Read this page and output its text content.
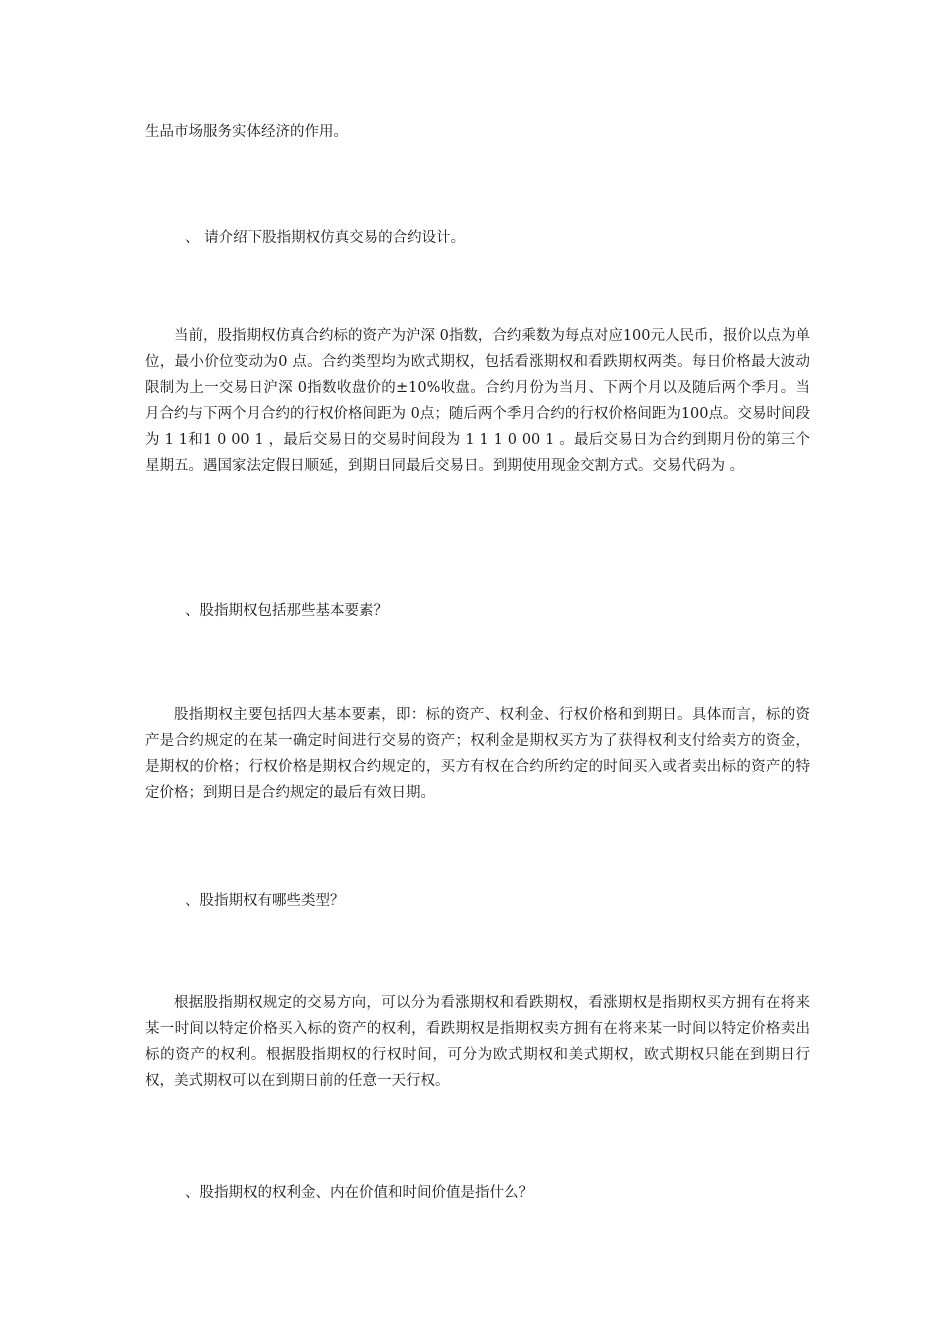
生品市场服务实体经济的作用。
、 请介绍下股指期权仿真交易的合约设计。
当前，股指期权仿真合约标的资产为沪深 0指数，合约乘数为每点对应100元人民币，报价以点为单位，最小价位变动为0 点。合约类型均为欧式期权，包括看涨期权和看跌期权两类。每日价格最大波动限制为上一交易日沪深 0指数收盘价的±10%收盘。合约月份为当月、下两个月以及随后两个季月。当月合约与下两个月合约的行权价格间距为 0点；随后两个季月合约的行权价格间距为100点。交易时间段为 1 1和1 0 00 1 ，最后交易日的交易时间段为 1 1 1 0 00 1 。最后交易日为合约到期月份的第三个星期五。遇国家法定假日顺延，到期日同最后交易日。到期使用现金交割方式。交易代码为 。
、股指期权包括那些基本要素？
股指期权主要包括四大基本要素，即：标的资产、权利金、行权价格和到期日。具体而言，标的资产是合约规定的在某一确定时间进行交易的资产；权利金是期权买方为了获得权利支付给卖方的资金，是期权的价格；行权价格是期权合约规定的，买方有权在合约所约定的时间买入或者卖出标的资产的特定价格；到期日是合约规定的最后有效日期。
、股指期权有哪些类型？
根据股指期权规定的交易方向，可以分为看涨期权和看跌期权，看涨期权是指期权买方拥有在将来某一时间以特定价格买入标的资产的权利，看跌期权是指期权卖方拥有在将来某一时间以特定价格卖出标的资产的权利。根据股指期权的行权时间，可分为欧式期权和美式期权，欧式期权只能在到期日行权，美式期权可以在到期日前的任意一天行权。
、股指期权的权利金、内在价值和时间价值是指什么？
